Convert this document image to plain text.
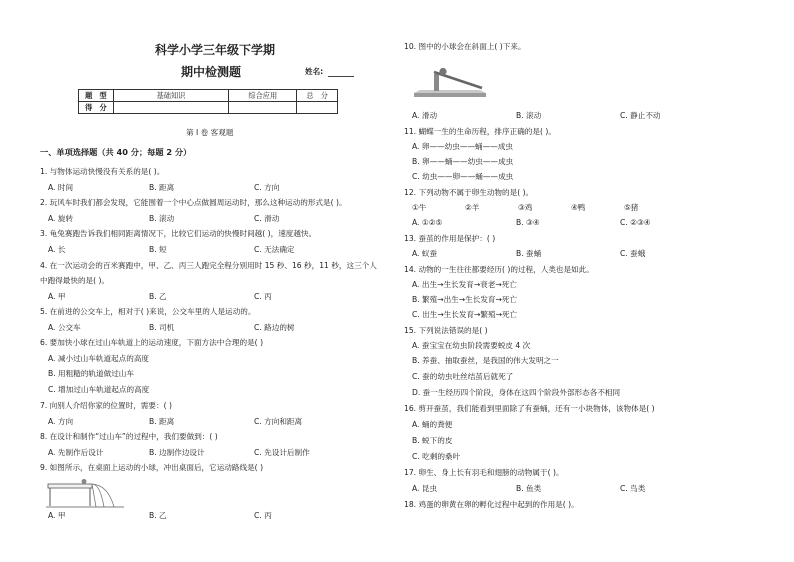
科学小学三年级下学期
期中检测题	姓名:
题　型	基础知识	综合应用	总　分
得　分			
第 I 卷 客观题
一、单项选择题（共 40 分；每题 2 分）
1. 与物体运动快慢没有关系的是( )。
A. 时间	B. 距离	C. 方向
2. 玩风车时我们都会发现，它能围着一个中心点做圆周运动时，那么这种运动的形式是( )。
A. 旋转	B. 滚动	C. 滑动
3. 龟兔赛跑告诉我们相同距离情况下，比较它们运动的快慢时间越( )，速度越快。
A. 长	B. 短	C. 无法确定
4. 在一次运动会的百米赛跑中，甲、乙、丙三人跑完全程分别用时 15 秒、16 秒，11 秒，这三个人
中跑得最快的是( )。
A. 甲	B. 乙	C. 丙
5. 在前进的公交车上，相对于( )来说，公交车里的人是运动的。
A. 公交车	B. 司机	C. 路边的树
6. 要加快小球在过山车轨道上的运动速度，下面方法中合理的是( )
A. 减小过山车轨道起点的高度
B. 用粗糙的轨道做过山车
C. 增加过山车轨道起点的高度
7. 向别人介绍你家的位置时，需要：( )
A. 方向	B. 距离	C. 方向和距离
8. 在设计和制作“过山车”的过程中，我们要做到：( )
A. 先制作后设计	B. 边制作边设计	C. 先设计后制作
9. 如图所示，在桌面上运动的小球，冲出桌面后，它运动路线是( )
A. 甲	B. 乙	C. 丙
10. 图中的小球会在斜面上( )下来。
A. 滑动	B. 滚动	C. 静止不动
11. 蝴蝶一生的生命历程，排序正确的是( )。
A. 卵——幼虫——蛹——成虫
B. 卵——蛹——幼虫——成虫
C. 幼虫——卵——蛹——成虫
12. 下列动物不属于卵生动物的是( )。
①牛	②羊	③鸡	④鸭	⑤猪
A. ①②⑤	B. ③④	C. ②③④
13. 蚕茧的作用是保护：( )
A. 蚁蚕	B. 蚕蛹	C. 蚕蛾
14. 动物的一生往往都要经历( )的过程，人类也是如此。
A. 出生→生长发育→衰老→死亡
B. 繁殖→出生→生长发育→死亡
C. 出生→生长发育→繁殖→死亡
15. 下列说法错误的是( )
A. 蚕宝宝在幼虫阶段需要蜕皮 4 次
B. 养蚕、抽取蚕丝，是我国的伟大发明之一
C. 蚕的幼虫吐丝结茧后就死了
D. 蚕一生经历四个阶段，身体在这四个阶段外部形态各不相同
16. 剪开蚕茧，我们能看到里面除了有蚕蛹，还有一小块物体，该物体是( )
A. 蛹的粪便
B. 蜕下的皮
C. 吃剩的桑叶
17. 卵生、身上长有羽毛和翅膀的动物属于( )。
A. 昆虫	B. 鱼类	C. 鸟类
18. 鸡蛋的卵黄在卵的孵化过程中起到的作用是( )。
